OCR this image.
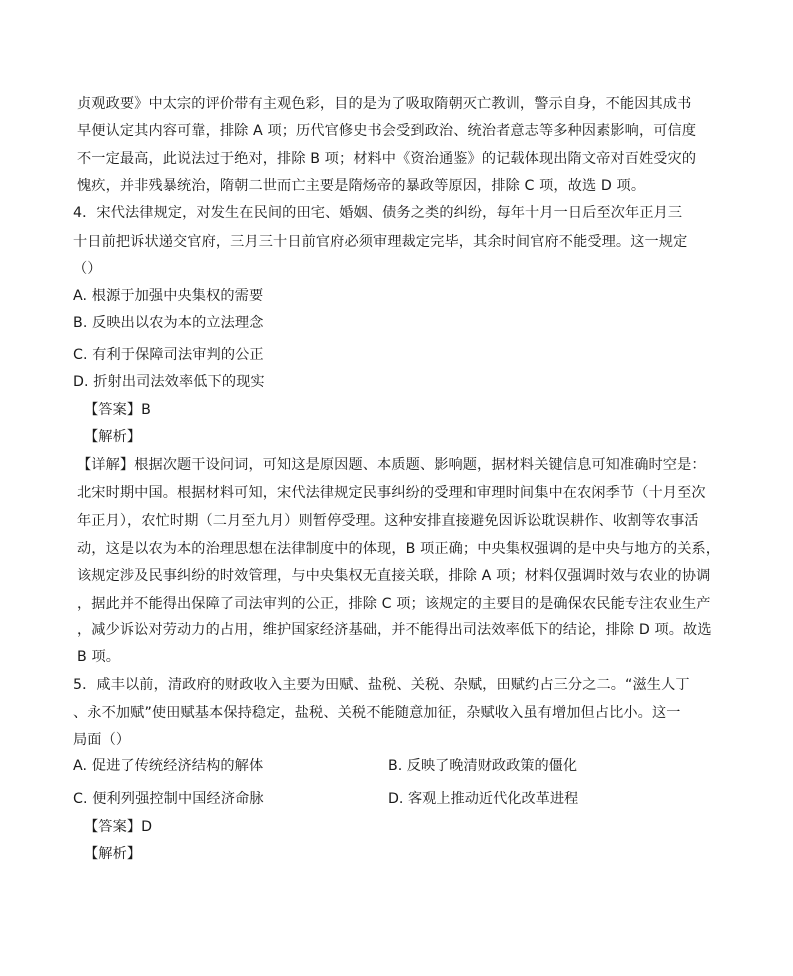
贞观政要》中太宗的评价带有主观色彩，目的是为了吸取隋朝灭亡教训，警示自身，不能因其成书
早便认定其内容可靠，排除 A 项；历代官修史书会受到政治、统治者意志等多种因素影响，可信度
不一定最高，此说法过于绝对，排除 B 项；材料中《资治通鉴》的记载体现出隋文帝对百姓受灾的
愧疚，并非残暴统治，隋朝二世而亡主要是隋炀帝的暴政等原因，排除 C 项，故选 D 项。
4．宋代法律规定，对发生在民间的田宅、婚姻、债务之类的纠纷，每年十月一日后至次年正月三
十日前把诉状递交官府，三月三十日前官府必须审理裁定完毕，其余时间官府不能受理。这一规定
（）
A. 根源于加强中央集权的需要
B. 反映出以农为本的立法理念
C. 有利于保障司法审判的公正
D. 折射出司法效率低下的现实
【答案】B
【解析】
【详解】根据次题干设问词，可知这是原因题、本质题、影响题，据材料关键信息可知准确时空是：
北宋时期中国。根据材料可知，宋代法律规定民事纠纷的受理和审理时间集中在农闲季节（十月至次
年正月），农忙时期（二月至九月）则暂停受理。这种安排直接避免因诉讼耽误耕作、收割等农事活
动，这是以农为本的治理思想在法律制度中的体现，B 项正确；中央集权强调的是中央与地方的关系，
该规定涉及民事纠纷的时效管理，与中央集权无直接关联，排除 A 项；材料仅强调时效与农业的协调
，据此并不能得出保障了司法审判的公正，排除 C 项；该规定的主要目的是确保农民能专注农业生产
，减少诉讼对劳动力的占用，维护国家经济基础，并不能得出司法效率低下的结论，排除 D 项。故选
B 项。
5．咸丰以前，清政府的财政收入主要为田赋、盐税、关税、杂赋，田赋约占三分之二。“滋生人丁
、永不加赋”使田赋基本保持稳定，盐税、关税不能随意加征，杂赋收入虽有增加但占比小。这一
局面（）
A. 促进了传统经济结构的解体	B. 反映了晚清财政政策的僵化
C. 便利列强控制中国经济命脉	D. 客观上推动近代化改革进程
【答案】D
【解析】
